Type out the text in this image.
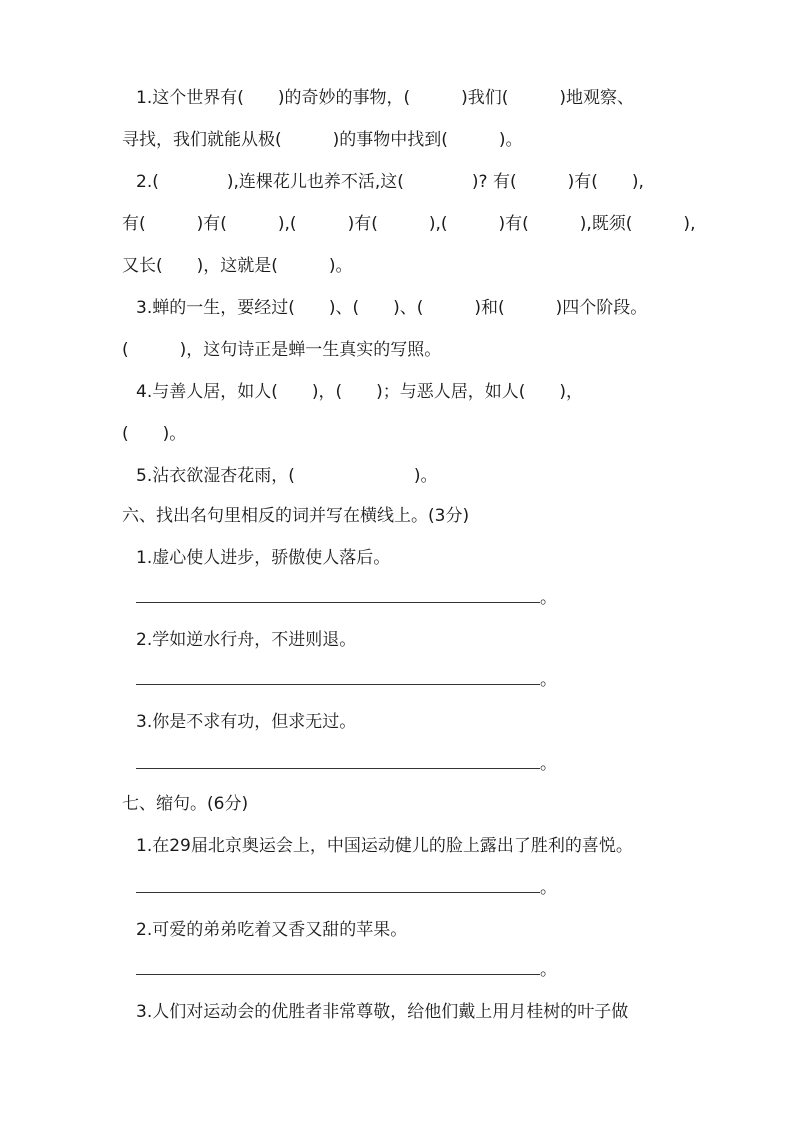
1.这个世界有(　　)的奇妙的事物，(　　　)我们(　　　)地观察、
寻找，我们就能从极(　　　)的事物中找到(　　　)。
2.(　　　　),连棵花儿也养不活,这(　　　　)? 有(　　　)有(　　),
有(　　　)有(　　　),(　　　)有(　　　),(　　　)有(　　　),既须(　　　),
又长(　　)，这就是(　　　)。
3.蝉的一生，要经过(　　)、(　　)、(　　　)和(　　　)四个阶段。
(　　　)，这句诗正是蝉一生真实的写照。
4.与善人居，如人(　　)，(　　)；与恶人居，如人(　　)，
(　　)。
5.沾衣欲湿杏花雨，(　　　　　　　)。
六、找出名句里相反的词并写在横线上。(3分)
1.虚心使人进步，骄傲使人落后。
。
2.学如逆水行舟，不进则退。
。
3.你是不求有功，但求无过。
。
七、缩句。(6分)
1.在29届北京奥运会上，中国运动健儿的脸上露出了胜利的喜悦。
。
2.可爱的弟弟吃着又香又甜的苹果。
。
3.人们对运动会的优胜者非常尊敬，给他们戴上用月桂树的叶子做
